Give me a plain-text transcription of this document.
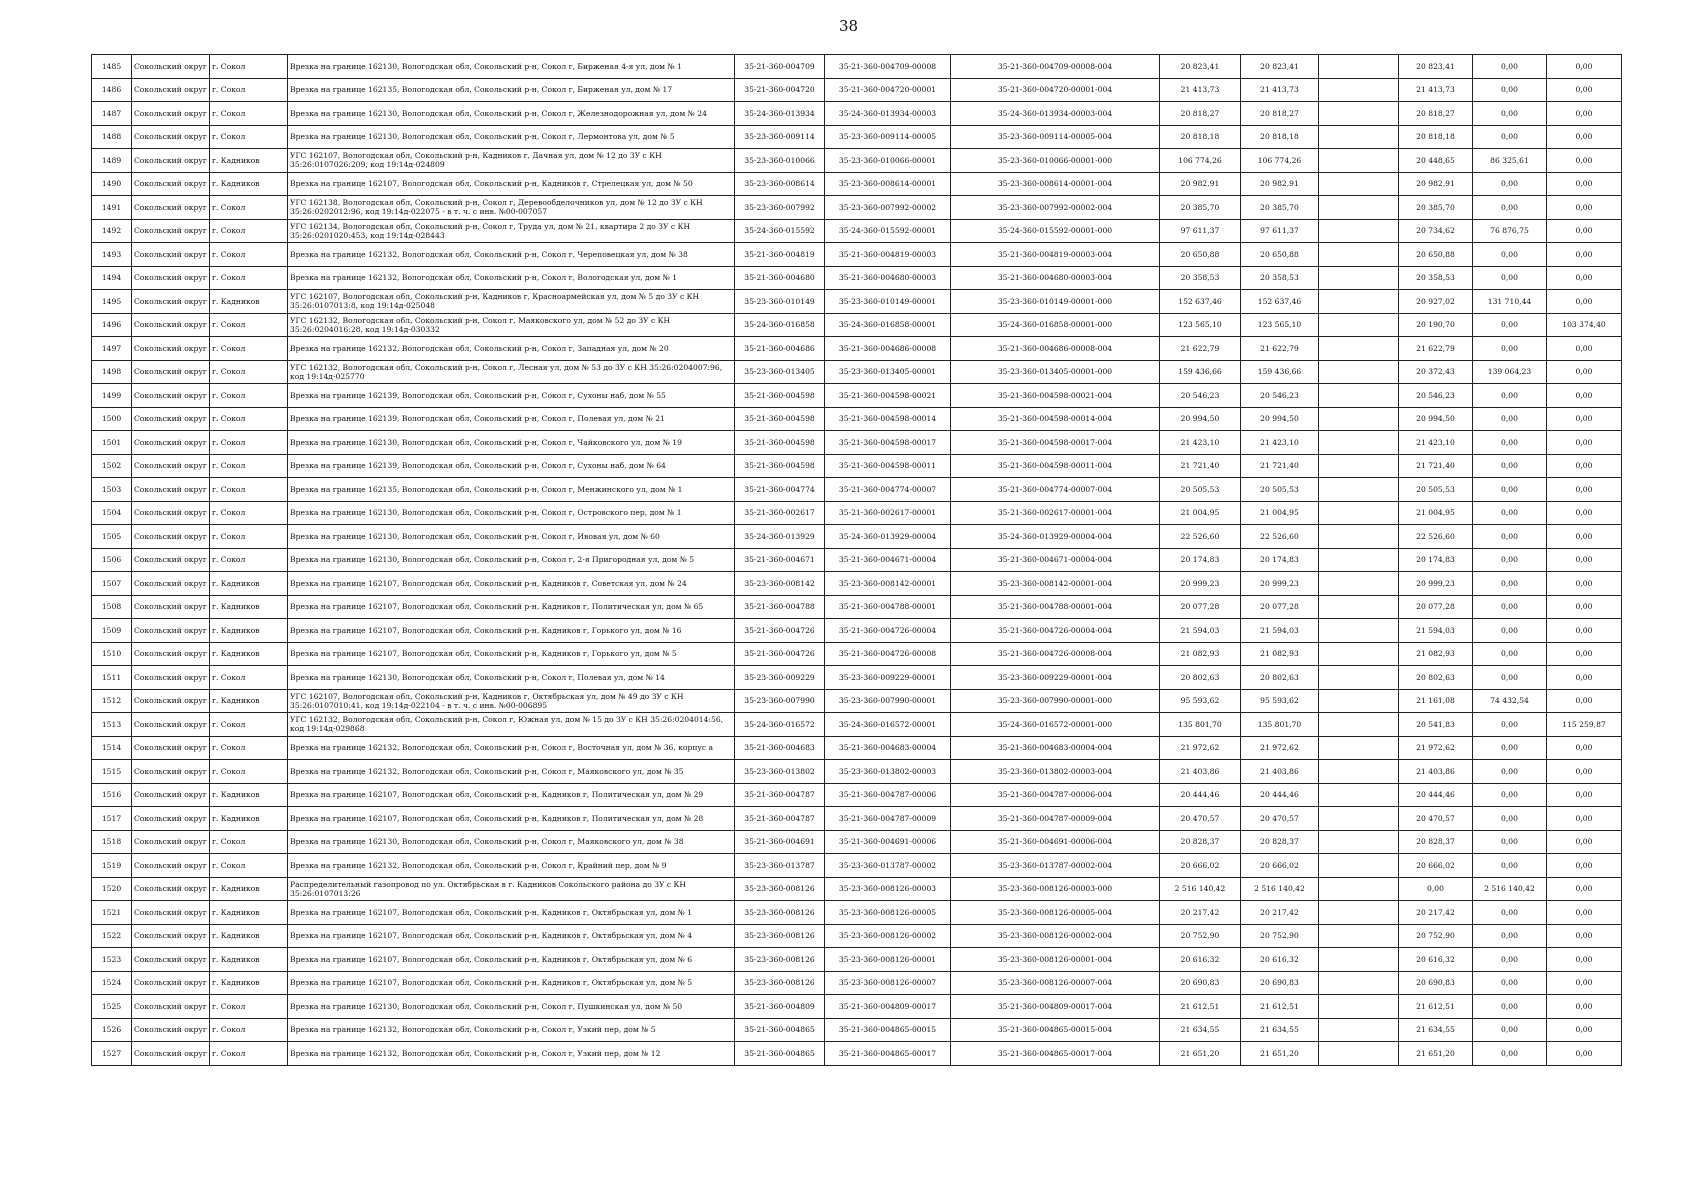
38
1485	Сокольский округ	г. Сокол	Врезка на границе 162130, Вологодская обл, Сокольский р-н, Сокол г, Бирженая 4-я ул, дом № 1	35-21-360-004709	35-21-360-004709-00008	35-21-360-004709-00008-004	20 823,41	20 823,41		20 823,41	0,00	0,00
1486	Сокольский округ	г. Сокол	Врезка на границе 162135, Вологодская обл, Сокольский р-н, Сокол г, Бирженая ул, дом № 17	35-21-360-004720	35-21-360-004720-00001	35-21-360-004720-00001-004	21 413,73	21 413,73		21 413,73	0,00	0,00
1487	Сокольский округ	г. Сокол	Врезка на границе 162130, Вологодская обл, Сокольский р-н, Сокол г, Железнодорожная ул, дом № 24	35-24-360-013934	35-24-360-013934-00003	35-24-360-013934-00003-004	20 818,27	20 818,27		20 818,27	0,00	0,00
1488	Сокольский округ	г. Сокол	Врезка на границе 162130, Вологодская обл, Сокольский р-н, Сокол г, Лермонтова ул, дом № 5	35-23-360-009114	35-23-360-009114-00005	35-23-360-009114-00005-004	20 818,18	20 818,18		20 818,18	0,00	0,00
1489	Сокольский округ	г. Кадников	УГС 162107, Вологодская обл, Сокольский р-н, Кадников г, Дачная ул, дом № 12 до ЗУ с КН 35:26:0107026:209, код 19:14д-024809	35-23-360-010066	35-23-360-010066-00001	35-23-360-010066-00001-000	106 774,26	106 774,26		20 448,65	86 325,61	0,00
1490	Сокольский округ	г. Кадников	Врезка на границе 162107, Вологодская обл, Сокольский р-н, Кадников г, Стрелецкая ул, дом № 50	35-23-360-008614	35-23-360-008614-00001	35-23-360-008614-00001-004	20 982,91	20 982,91		20 982,91	0,00	0,00
1491	Сокольский округ	г. Сокол	УГС 162138, Вологодская обл, Сокольский р-н, Сокол г, Деревообделочников ул, дом № 12 до ЗУ с КН 35:26:0202012:96, код 19:14д-022075 - в т. ч. с инв. №00-007057	35-23-360-007992	35-23-360-007992-00002	35-23-360-007992-00002-004	20 385,70	20 385,70		20 385,70	0,00	0,00
1492	Сокольский округ	г. Сокол	УГС 162134, Вологодская обл, Сокольский р-н, Сокол г, Труда ул, дом № 21, квартира 2 до ЗУ с КН 35:26:0201020:453, код 19:14д-028443	35-24-360-015592	35-24-360-015592-00001	35-24-360-015592-00001-000	97 611,37	97 611,37		20 734,62	76 876,75	0,00
1493	Сокольский округ	г. Сокол	Врезка на границе 162132, Вологодская обл, Сокольский р-н, Сокол г, Череповецкая ул, дом № 38	35-21-360-004819	35-21-360-004819-00003	35-21-360-004819-00003-004	20 650,88	20 650,88		20 650,88	0,00	0,00
1494	Сокольский округ	г. Сокол	Врезка на границе 162132, Вологодская обл, Сокольский р-н, Сокол г, Вологодская ул, дом № 1	35-21-360-004680	35-21-360-004680-00003	35-21-360-004680-00003-004	20 358,53	20 358,53		20 358,53	0,00	0,00
1495	Сокольский округ	г. Кадников	УГС 162107, Вологодская обл, Сокольский р-н, Кадников г, Красноармейская ул, дом № 5 до ЗУ с КН 35:26:0107013:8, код 19:14д-025048	35-23-360-010149	35-23-360-010149-00001	35-23-360-010149-00001-000	152 637,46	152 637,46		20 927,02	131 710,44	0,00
1496	Сокольский округ	г. Сокол	УГС 162132, Вологодская обл, Сокольский р-н, Сокол г, Маяковского ул, дом № 52 до ЗУ с КН 35:26:0204016:28, код 19:14д-030332	35-24-360-016858	35-24-360-016858-00001	35-24-360-016858-00001-000	123 565,10	123 565,10		20 190,70	0,00	103 374,40
1497	Сокольский округ	г. Сокол	Врезка на границе 162132, Вологодская обл, Сокольский р-н, Сокол г, Западная ул, дом № 20	35-21-360-004686	35-21-360-004686-00008	35-21-360-004686-00008-004	21 622,79	21 622,79		21 622,79	0,00	0,00
1498	Сокольский округ	г. Сокол	УГС 162132, Вологодская обл, Сокольский р-н, Сокол г, Лесная ул, дом № 53 до ЗУ с КН 35:26:0204007:96, код 19:14д-025770	35-23-360-013405	35-23-360-013405-00001	35-23-360-013405-00001-000	159 436,66	159 436,66		20 372,43	139 064,23	0,00
1499	Сокольский округ	г. Сокол	Врезка на границе 162139, Вологодская обл, Сокольский р-н, Сокол г, Сухоны наб, дом № 55	35-21-360-004598	35-21-360-004598-00021	35-21-360-004598-00021-004	20 546,23	20 546,23		20 546,23	0,00	0,00
1500	Сокольский округ	г. Сокол	Врезка на границе 162139, Вологодская обл, Сокольский р-н, Сокол г, Полевая ул, дом № 21	35-21-360-004598	35-21-360-004598-00014	35-21-360-004598-00014-004	20 994,50	20 994,50		20 994,50	0,00	0,00
1501	Сокольский округ	г. Сокол	Врезка на границе 162130, Вологодская обл, Сокольский р-н, Сокол г, Чайковского ул, дом № 19	35-21-360-004598	35-21-360-004598-00017	35-21-360-004598-00017-004	21 423,10	21 423,10		21 423,10	0,00	0,00
1502	Сокольский округ	г. Сокол	Врезка на границе 162139, Вологодская обл, Сокольский р-н, Сокол г, Сухоны наб, дом № 64	35-21-360-004598	35-21-360-004598-00011	35-21-360-004598-00011-004	21 721,40	21 721,40		21 721,40	0,00	0,00
1503	Сокольский округ	г. Сокол	Врезка на границе 162135, Вологодская обл, Сокольский р-н, Сокол г, Менжинского ул, дом № 1	35-21-360-004774	35-21-360-004774-00007	35-21-360-004774-00007-004	20 505,53	20 505,53		20 505,53	0,00	0,00
1504	Сокольский округ	г. Сокол	Врезка на границе 162130, Вологодская обл, Сокольский р-н, Сокол г, Островского пер, дом № 1	35-21-360-002617	35-21-360-002617-00001	35-21-360-002617-00001-004	21 004,95	21 004,95		21 004,95	0,00	0,00
1505	Сокольский округ	г. Сокол	Врезка на границе 162130, Вологодская обл, Сокольский р-н, Сокол г, Ивовая ул, дом № 60	35-24-360-013929	35-24-360-013929-00004	35-24-360-013929-00004-004	22 526,60	22 526,60		22 526,60	0,00	0,00
1506	Сокольский округ	г. Сокол	Врезка на границе 162130, Вологодская обл, Сокольский р-н, Сокол г, 2-я Пригородная ул, дом № 5	35-21-360-004671	35-21-360-004671-00004	35-21-360-004671-00004-004	20 174,83	20 174,83		20 174,83	0,00	0,00
1507	Сокольский округ	г. Кадников	Врезка на границе 162107, Вологодская обл, Сокольский р-н, Кадников г, Советская ул, дом № 24	35-23-360-008142	35-23-360-008142-00001	35-23-360-008142-00001-004	20 999,23	20 999,23		20 999,23	0,00	0,00
1508	Сокольский округ	г. Кадников	Врезка на границе 162107, Вологодская обл, Сокольский р-н, Кадников г, Политическая ул, дом № 65	35-21-360-004788	35-21-360-004788-00001	35-21-360-004788-00001-004	20 077,28	20 077,28		20 077,28	0,00	0,00
1509	Сокольский округ	г. Кадников	Врезка на границе 162107, Вологодская обл, Сокольский р-н, Кадников г, Горького ул, дом № 16	35-21-360-004726	35-21-360-004726-00004	35-21-360-004726-00004-004	21 594,03	21 594,03		21 594,03	0,00	0,00
1510	Сокольский округ	г. Кадников	Врезка на границе 162107, Вологодская обл, Сокольский р-н, Кадников г, Горького ул, дом № 5	35-21-360-004726	35-21-360-004726-00008	35-21-360-004726-00008-004	21 082,93	21 082,93		21 082,93	0,00	0,00
1511	Сокольский округ	г. Сокол	Врезка на границе 162130, Вологодская обл, Сокольский р-н, Сокол г, Полевая ул, дом № 14	35-23-360-009229	35-23-360-009229-00001	35-23-360-009229-00001-004	20 802,63	20 802,63		20 802,63	0,00	0,00
1512	Сокольский округ	г. Кадников	УГС 162107, Вологодская обл, Сокольский р-н, Кадников г, Октябрьская ул, дом № 49 до ЗУ с КН 35:26:0107010:41, код 19:14д-022104 - в т. ч. с инв. №00-006895	35-23-360-007990	35-23-360-007990-00001	35-23-360-007990-00001-000	95 593,62	95 593,62		21 161,08	74 432,54	0,00
1513	Сокольский округ	г. Сокол	УГС 162132, Вологодская обл, Сокольский р-н, Сокол г, Южная ул, дом № 15 до ЗУ с КН 35:26:0204014:56, код 19:14д-029868	35-24-360-016572	35-24-360-016572-00001	35-24-360-016572-00001-000	135 801,70	135 801,70		20 541,83	0,00	115 259,87
1514	Сокольский округ	г. Сокол	Врезка на границе 162132, Вологодская обл, Сокольский р-н, Сокол г, Восточная ул, дом № 36, корпус а	35-21-360-004683	35-21-360-004683-00004	35-21-360-004683-00004-004	21 972,62	21 972,62		21 972,62	0,00	0,00
1515	Сокольский округ	г. Сокол	Врезка на границе 162132, Вологодская обл, Сокольский р-н, Сокол г, Маяковского ул, дом № 35	35-23-360-013802	35-23-360-013802-00003	35-23-360-013802-00003-004	21 403,86	21 403,86		21 403,86	0,00	0,00
1516	Сокольский округ	г. Кадников	Врезка на границе 162107, Вологодская обл, Сокольский р-н, Кадников г, Политическая ул, дом № 29	35-21-360-004787	35-21-360-004787-00006	35-21-360-004787-00006-004	20 444,46	20 444,46		20 444,46	0,00	0,00
1517	Сокольский округ	г. Кадников	Врезка на границе 162107, Вологодская обл, Сокольский р-н, Кадников г, Политическая ул, дом № 28	35-21-360-004787	35-21-360-004787-00009	35-21-360-004787-00009-004	20 470,57	20 470,57		20 470,57	0,00	0,00
1518	Сокольский округ	г. Сокол	Врезка на границе 162130, Вологодская обл, Сокольский р-н, Сокол г, Маяковского ул, дом № 38	35-21-360-004691	35-21-360-004691-00006	35-21-360-004691-00006-004	20 828,37	20 828,37		20 828,37	0,00	0,00
1519	Сокольский округ	г. Сокол	Врезка на границе 162132, Вологодская обл, Сокольский р-н, Сокол г, Крайний пер, дом № 9	35-23-360-013787	35-23-360-013787-00002	35-23-360-013787-00002-004	20 666,02	20 666,02		20 666,02	0,00	0,00
1520	Сокольский округ	г. Кадников	Распределительный газопровод по ул. Октябрьская в г. Кадников Сокольского района до ЗУ с КН 35:26:0107013:26	35-23-360-008126	35-23-360-008126-00003	35-23-360-008126-00003-000	2 516 140,42	2 516 140,42		0,00	2 516 140,42	0,00
1521	Сокольский округ	г. Кадников	Врезка на границе 162107, Вологодская обл, Сокольский р-н, Кадников г, Октябрьская ул, дом № 1	35-23-360-008126	35-23-360-008126-00005	35-23-360-008126-00005-004	20 217,42	20 217,42		20 217,42	0,00	0,00
1522	Сокольский округ	г. Кадников	Врезка на границе 162107, Вологодская обл, Сокольский р-н, Кадников г, Октябрьская ул, дом № 4	35-23-360-008126	35-23-360-008126-00002	35-23-360-008126-00002-004	20 752,90	20 752,90		20 752,90	0,00	0,00
1523	Сокольский округ	г. Кадников	Врезка на границе 162107, Вологодская обл, Сокольский р-н, Кадников г, Октябрьская ул, дом № 6	35-23-360-008126	35-23-360-008126-00001	35-23-360-008126-00001-004	20 616,32	20 616,32		20 616,32	0,00	0,00
1524	Сокольский округ	г. Кадников	Врезка на границе 162107, Вологодская обл, Сокольский р-н, Кадников г, Октябрьская ул, дом № 5	35-23-360-008126	35-23-360-008126-00007	35-23-360-008126-00007-004	20 690,83	20 690,83		20 690,83	0,00	0,00
1525	Сокольский округ	г. Сокол	Врезка на границе 162130, Вологодская обл, Сокольский р-н, Сокол г, Пушкинская ул, дом № 50	35-21-360-004809	35-21-360-004809-00017	35-21-360-004809-00017-004	21 612,51	21 612,51		21 612,51	0,00	0,00
1526	Сокольский округ	г. Сокол	Врезка на границе 162132, Вологодская обл, Сокольский р-н, Сокол г, Узкий пер, дом № 5	35-21-360-004865	35-21-360-004865-00015	35-21-360-004865-00015-004	21 634,55	21 634,55		21 634,55	0,00	0,00
1527	Сокольский округ	г. Сокол	Врезка на границе 162132, Вологодская обл, Сокольский р-н, Сокол г, Узкий пер, дом № 12	35-21-360-004865	35-21-360-004865-00017	35-21-360-004865-00017-004	21 651,20	21 651,20		21 651,20	0,00	0,00
